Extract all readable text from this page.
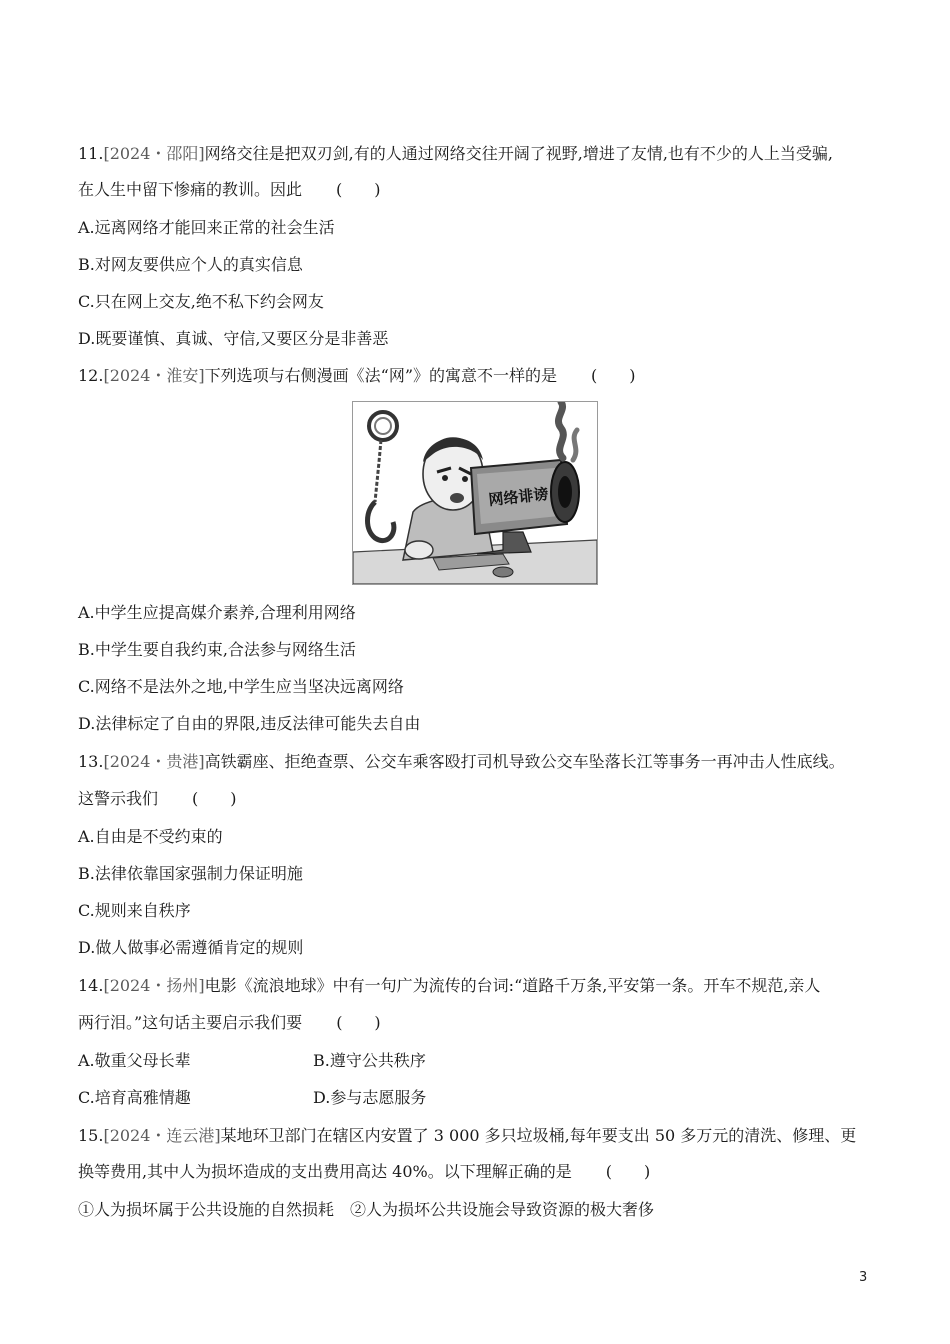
11.[2024・邵阳]网络交往是把双刃剑,有的人通过网络交往开阔了视野,增进了友情,也有不少的人上当受骗,
在人生中留下惨痛的教训。因此 (　　)
A.远离网络才能回来正常的社会生活
B.对网友要供应个人的真实信息
C.只在网上交友,绝不私下约会网友
D.既要谨慎、真诚、守信,又要区分是非善恶
12.[2024・淮安]下列选项与右侧漫画《法“网”》的寓意不一样的是 (　　)
网络诽谤
A.中学生应提高媒介素养,合理利用网络
B.中学生要自我约束,合法参与网络生活
C.网络不是法外之地,中学生应当坚决远离网络
D.法律标定了自由的界限,违反法律可能失去自由
13.[2024・贵港]高铁霸座、拒绝查票、公交车乘客殴打司机导致公交车坠落长江等事务一再冲击人性底线。
这警示我们 (　　)
A.自由是不受约束的
B.法律依靠国家强制力保证明施
C.规则来自秩序
D.做人做事必需遵循肯定的规则
14.[2024・扬州]电影《流浪地球》中有一句广为流传的台词:“道路千万条,平安第一条。开车不规范,亲人
两行泪。”这句话主要启示我们要 (　　)
A.敬重父母长辈	B.遵守公共秩序
C.培育高雅情趣	D.参与志愿服务
15.[2024・连云港]某地环卫部门在辖区内安置了 3 000 多只垃圾桶,每年要支出 50 多万元的清洗、修理、更
换等费用,其中人为损坏造成的支出费用高达 40%。以下理解正确的是 (　　)
①人为损坏属于公共设施的自然损耗　②人为损坏公共设施会导致资源的极大奢侈
3
